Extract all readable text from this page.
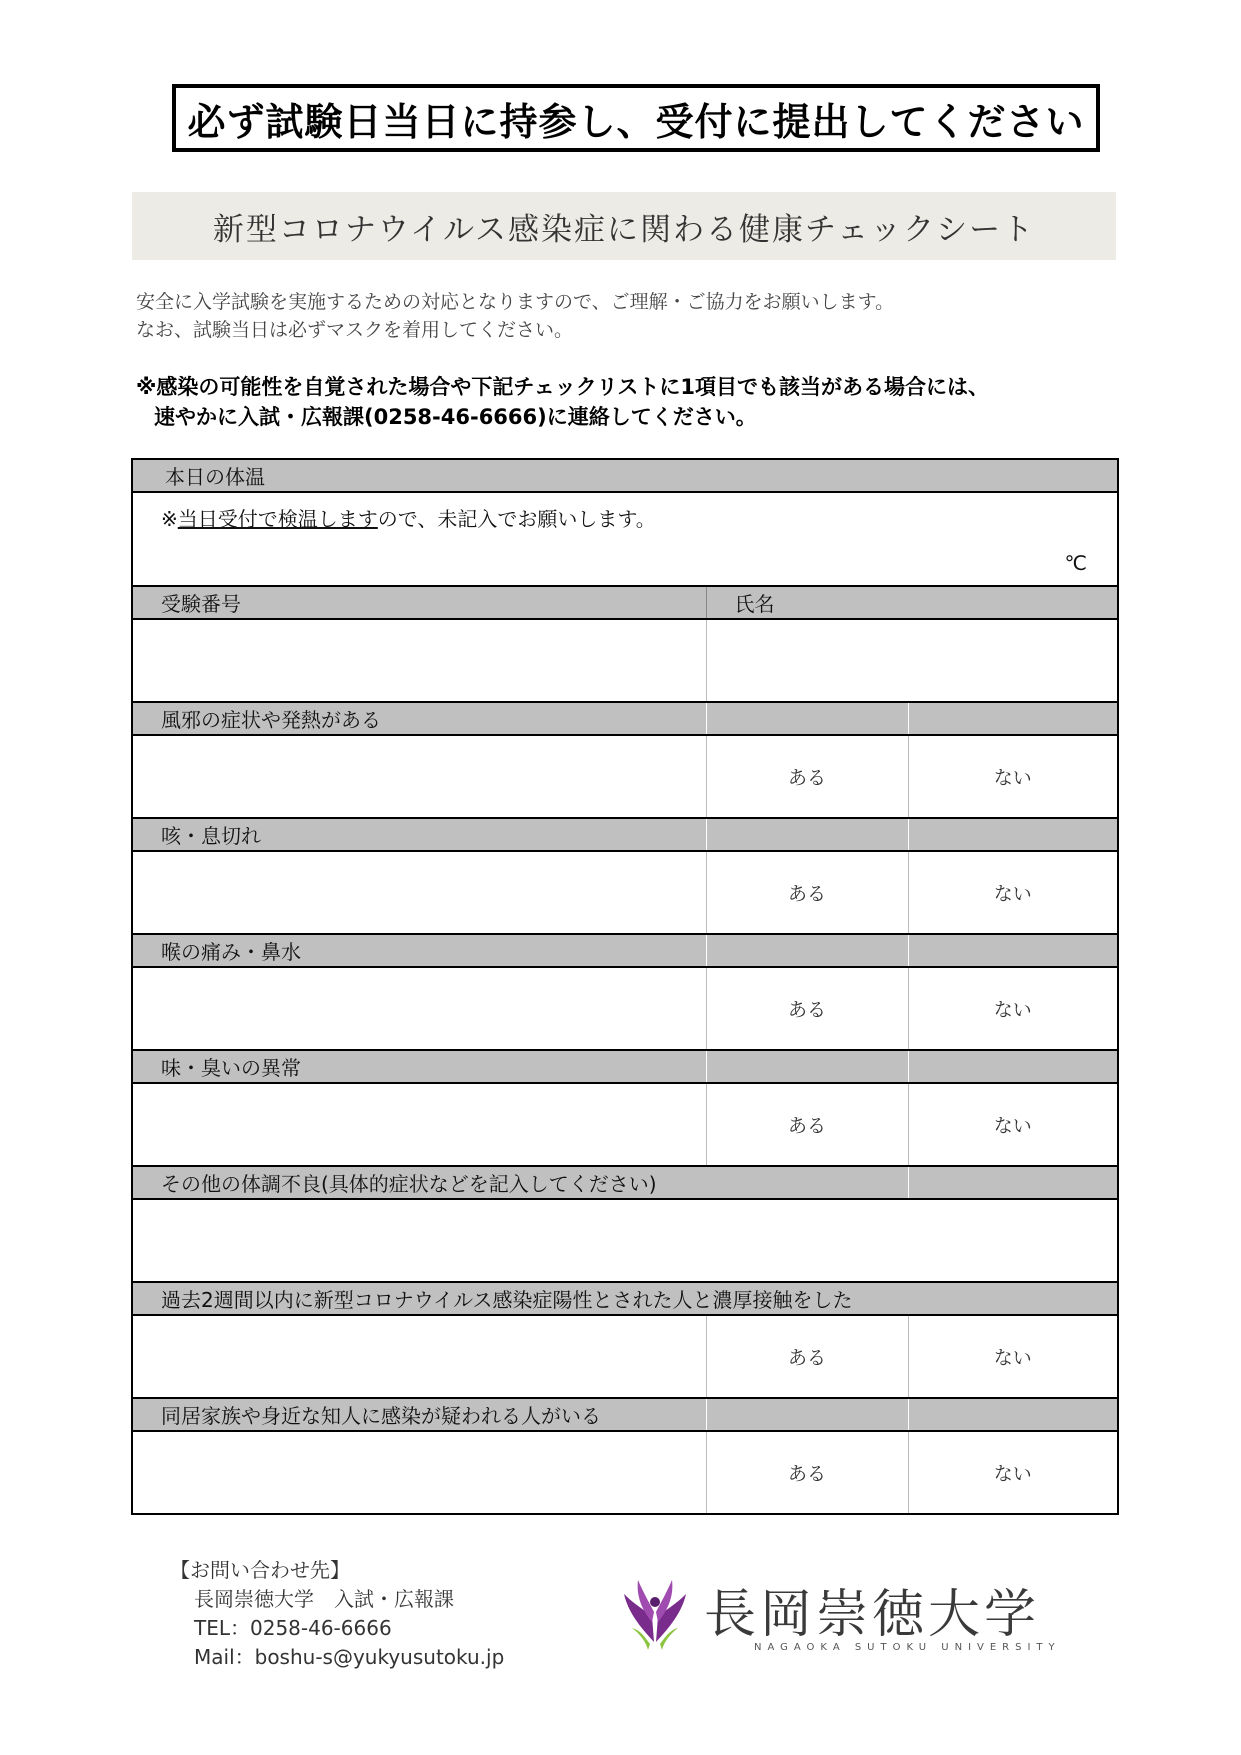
必ず試験日当日に持参し、受付に提出してください
新型コロナウイルス感染症に関わる健康チェックシート
安全に入学試験を実施するための対応となりますので、ご理解・ご協力をお願いします。
なお、試験当日は必ずマスクを着用してください。
※感染の可能性を自覚された場合や下記チェックリストに1項目でも該当がある場合には、
速やかに入試・広報課(0258-46-6666)に連絡してください。
本日の体温		

※当日受付で検温しますので、未記入でお願いします。
℃		

受験番号	氏名	

風邪の症状や発熱がある		
	ある	ない
咳・息切れ		
	ある	ない
喉の痛み・鼻水		
	ある	ない
味・臭いの異常		
	ある	ない
その他の体調不良(具体的症状などを記入してください)		

過去2週間以内に新型コロナウイルス感染症陽性とされた人と濃厚接触をした		
	ある	ない
同居家族や身近な知人に感染が疑われる人がいる		
	ある	ない
【お問い合わせ先】
長岡崇徳大学　入試・広報課
TEL：0258-46-6666
Mail：boshu-s@yukyusutoku.jp
長岡崇徳大学
NAGAOKA SUTOKU UNIVERSITY
